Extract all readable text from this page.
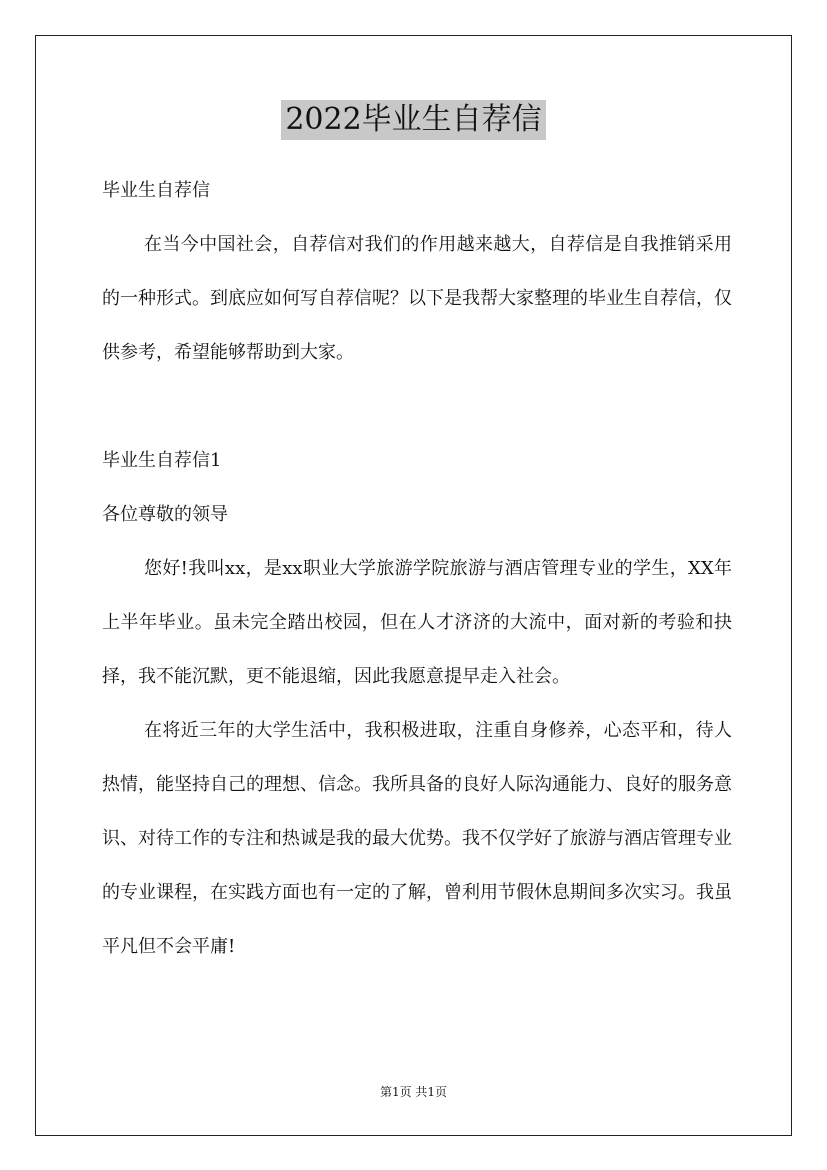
2022毕业生自荐信

毕业生自荐信

在当今中国社会，自荐信对我们的作用越来越大，自荐信是自我推销采用的一种形式。到底应如何写自荐信呢？以下是我帮大家整理的毕业生自荐信，仅供参考，希望能够帮助到大家。

毕业生自荐信1

各位尊敬的领导

您好!我叫xx，是xx职业大学旅游学院旅游与酒店管理专业的学生，XX年上半年毕业。虽未完全踏出校园，但在人才济济的大流中，面对新的考验和抉择，我不能沉默，更不能退缩，因此我愿意提早走入社会。

在将近三年的大学生活中，我积极进取，注重自身修养，心态平和，待人热情，能坚持自己的理想、信念。我所具备的良好人际沟通能力、良好的服务意识、对待工作的专注和热诚是我的最大优势。我不仅学好了旅游与酒店管理专业的专业课程，在实践方面也有一定的了解，曾利用节假休息期间多次实习。我虽平凡但不会平庸!

第1页 共1页
